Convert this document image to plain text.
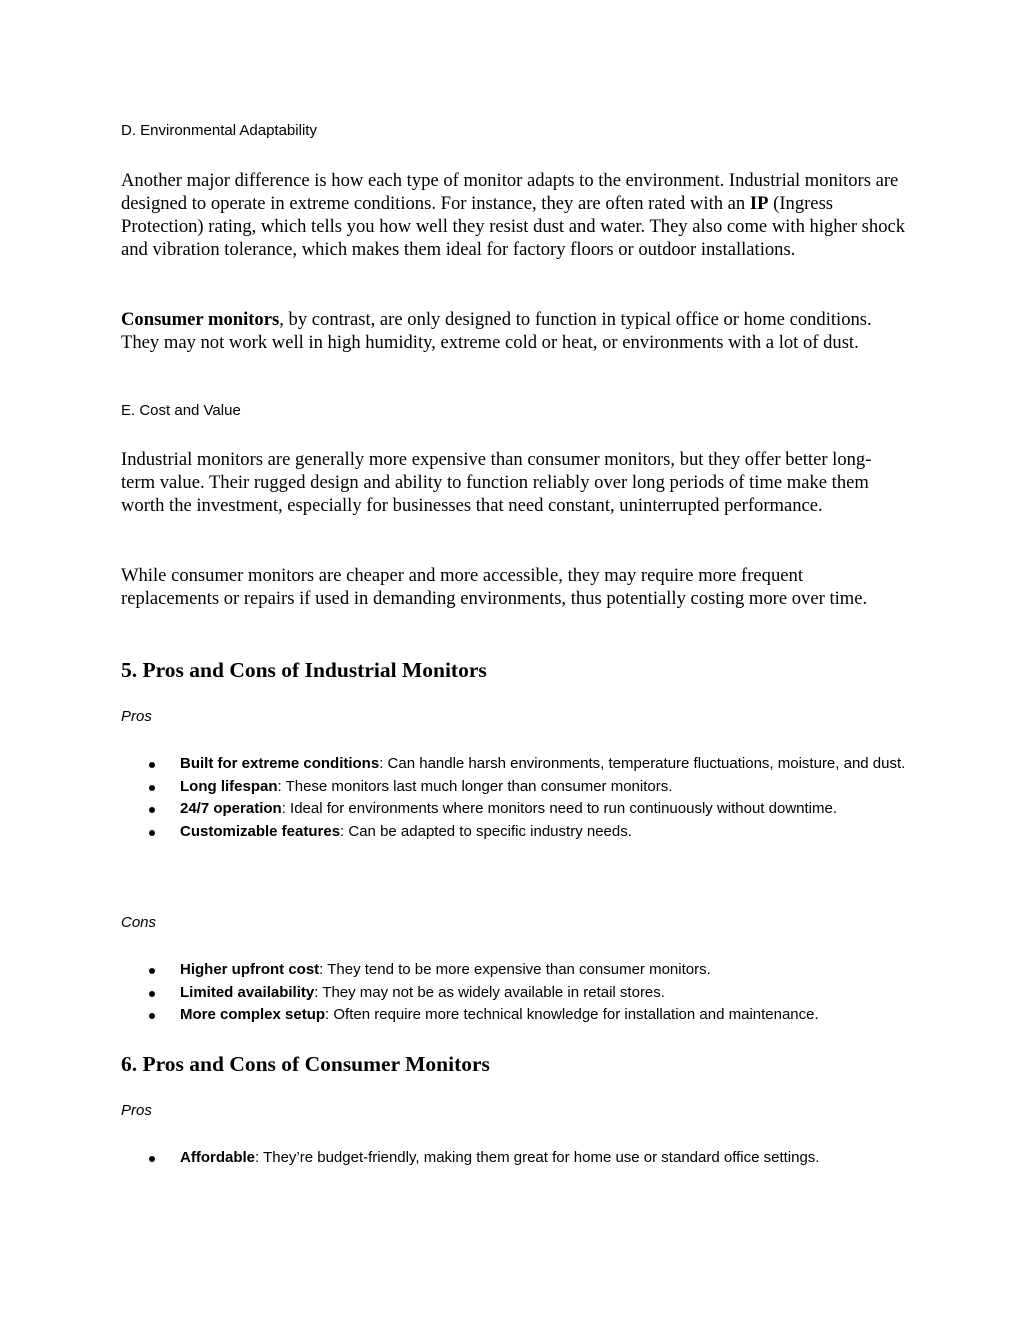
D. Environmental Adaptability

Another major difference is how each type of monitor adapts to the environment. Industrial monitors are designed to operate in extreme conditions. For instance, they are often rated with an IP (Ingress Protection) rating, which tells you how well they resist dust and water. They also come with higher shock and vibration tolerance, which makes them ideal for factory floors or outdoor installations.

Consumer monitors, by contrast, are only designed to function in typical office or home conditions. They may not work well in high humidity, extreme cold or heat, or environments with a lot of dust.

E. Cost and Value

Industrial monitors are generally more expensive than consumer monitors, but they offer better long-term value. Their rugged design and ability to function reliably over long periods of time make them worth the investment, especially for businesses that need constant, uninterrupted performance.

While consumer monitors are cheaper and more accessible, they may require more frequent replacements or repairs if used in demanding environments, thus potentially costing more over time.

5. Pros and Cons of Industrial Monitors

Pros

Built for extreme conditions: Can handle harsh environments, temperature fluctuations, moisture, and dust.
Long lifespan: These monitors last much longer than consumer monitors.
24/7 operation: Ideal for environments where monitors need to run continuously without downtime.
Customizable features: Can be adapted to specific industry needs.

Cons

Higher upfront cost: They tend to be more expensive than consumer monitors.
Limited availability: They may not be as widely available in retail stores.
More complex setup: Often require more technical knowledge for installation and maintenance.
6. Pros and Cons of Consumer Monitors

Pros

Affordable: They’re budget-friendly, making them great for home use or standard office settings.
